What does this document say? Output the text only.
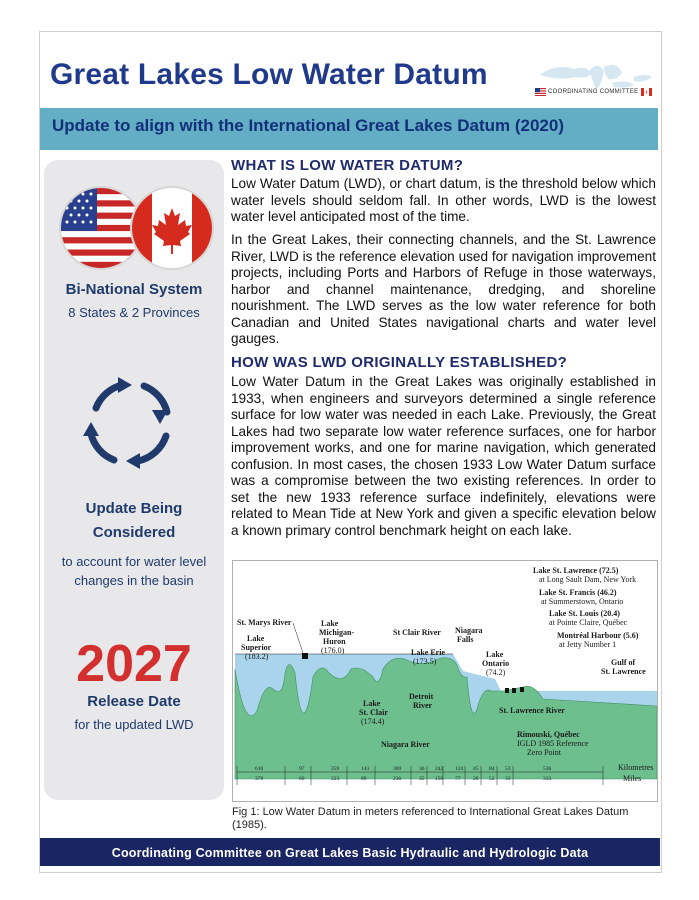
Great Lakes Low Water Datum
COORDINATING COMMITTEE
Update to align with the International Great Lakes Datum (2020)
Bi-National System
8 States & 2 Provinces
Update Being
Considered
to account for water level
changes in the basin
2027
Release Date
for the updated LWD
WHAT IS LOW WATER DATUM?
Low Water Datum (LWD), or chart datum, is the threshold below which water levels should seldom fall. In other words, LWD is the lowest water level anticipated most of the time.
In the Great Lakes, their connecting channels, and the St. Lawrence River, LWD is the reference elevation used for navigation improvement projects, including Ports and Harbors of Refuge in those waterways, harbor and channel maintenance, dredging, and shoreline nourishment. The LWD serves as the low water reference for both Canadian and United States navigational charts and water level gauges.
HOW WAS LWD ORIGINALLY ESTABLISHED?
Low Water Datum in the Great Lakes was originally established in 1933, when engineers and surveyors determined a single reference surface for low water was needed in each Lake. Previously, the Great Lakes had two separate low water reference surfaces, one for harbor improvement works, and one for marine navigation, which generated confusion. In most cases, the chosen 1933 Low Water Datum surface was a compromise between the two existing references. In order to set the new 1933 reference surface indefinitely, elevations were related to Mean Tide at New York and given a specific elevation below a known primary control benchmark height on each lake.
St. Marys River
Lake
Superior
(183.2)
Lake
Michigan-
Huron
(176.0)
St Clair River
Lake Erie
(173.5)
Niagara
Falls
Lake
Ontario
(74.2)
Lake St. Lawrence (72.5)
at Long Sault Dam, New York
Lake St. Francis (46.2)
at Summerstown, Ontario
Lake St. Louis (20.4)
at Pointe Claire, Québec
Montréal Harbour (5.6)
at Jetty Number 1
Gulf of
St. Lawrence
Lake
St. Clair
(174.4)
Detroit
River
Niagara River
St. Lawrence River
Rimouski, Québec
IGLD 1985 Reference
Zero Point
610
379
97
60
359
223
143
89
380
236
36
35
242
150
124
77
45
28
84
52
53
33
536
333
Kilometres
Miles
Fig 1: Low Water Datum in meters referenced to International Great Lakes Datum (1985).
Coordinating Committee on Great Lakes Basic Hydraulic and Hydrologic Data
